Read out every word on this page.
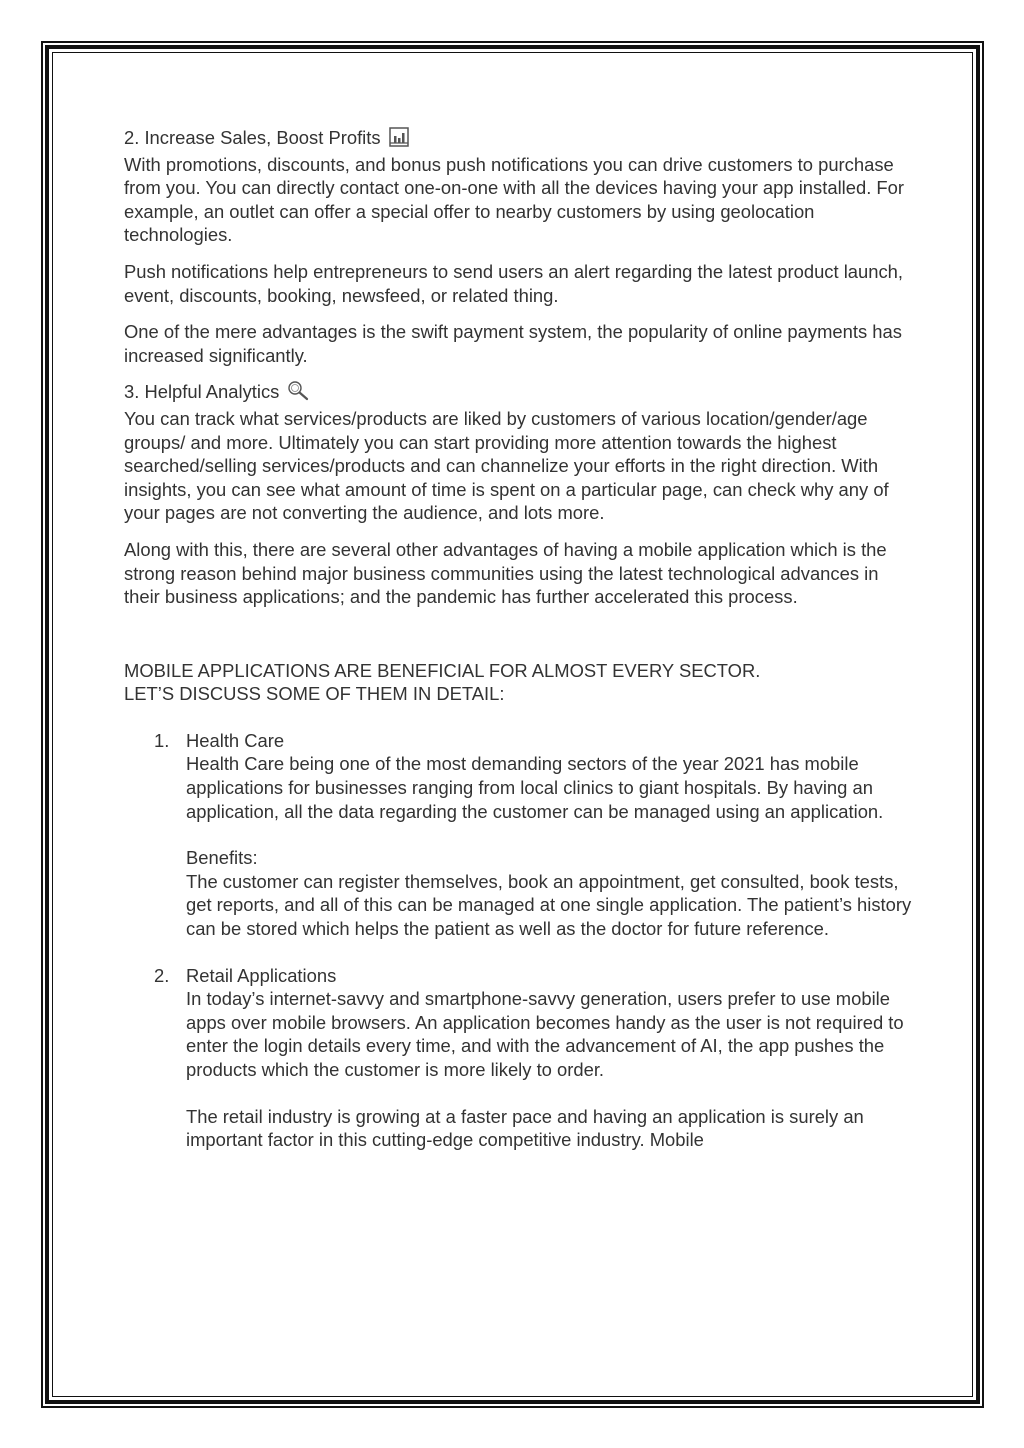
2. Increase Sales, Boost Profits

With promotions, discounts, and bonus push notifications you can drive customers to purchase from you. You can directly contact one-on-one with all the devices having your app installed. For example, an outlet can offer a special offer to nearby customers by using geolocation technologies.

Push notifications help entrepreneurs to send users an alert regarding the latest product launch, event, discounts, booking, newsfeed, or related thing.

One of the mere advantages is the swift payment system, the popularity of online payments has increased significantly.

3. Helpful Analytics

You can track what services/products are liked by customers of various location/gender/age groups/ and more. Ultimately you can start providing more attention towards the highest searched/selling services/products and can channelize your efforts in the right direction. With insights, you can see what amount of time is spent on a particular page, can check why any of your pages are not converting the audience, and lots more.

Along with this, there are several other advantages of having a mobile application which is the strong reason behind major business communities using the latest technological advances in their business applications; and the pandemic has further accelerated this process.

MOBILE APPLICATIONS ARE BENEFICIAL FOR ALMOST EVERY SECTOR.
LET’S DISCUSS SOME OF THEM IN DETAIL:
1. Health Care
Health Care being one of the most demanding sectors of the year 2021 has mobile applications for businesses ranging from local clinics to giant hospitals. By having an application, all the data regarding the customer can be managed using an application.
Benefits:
The customer can register themselves, book an appointment, get consulted, book tests, get reports, and all of this can be managed at one single application. The patient’s history can be stored which helps the patient as well as the doctor for future reference.
2. Retail Applications
In today’s internet-savvy and smartphone-savvy generation, users prefer to use mobile apps over mobile browsers. An application becomes handy as the user is not required to enter the login details every time, and with the advancement of AI, the app pushes the products which the customer is more likely to order.
The retail industry is growing at a faster pace and having an application is surely an important factor in this cutting-edge competitive industry. Mobile
